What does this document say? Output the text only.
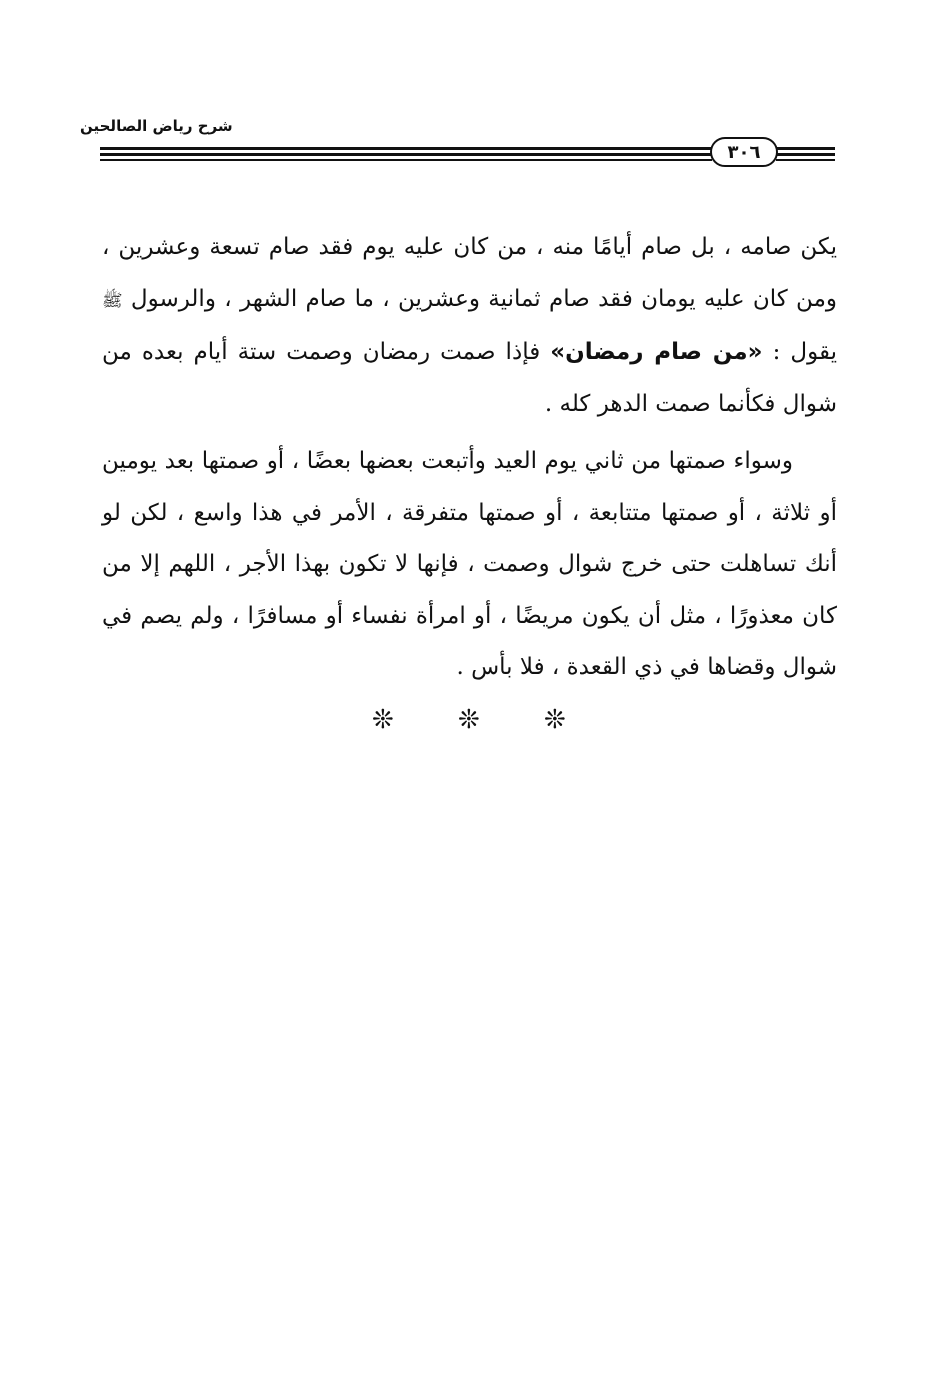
شرح رياض الصالحين
٣٠٦

يكن صامه ، بل صام أيامًا منه ، من كان عليه يوم فقد صام تسعة وعشرين ، ومن كان عليه يومان فقد صام ثمانية وعشرين ، ما صام الشهر ، والرسول ﷺ يقول : «من صام رمضان» فإذا صمت رمضان وصمت ستة أيام بعده من شوال فكأنما صمت الدهر كله .

وسواء صمتها من ثاني يوم العيد وأتبعت بعضها بعضًا ، أو صمتها بعد يومين أو ثلاثة ، أو صمتها متتابعة ، أو صمتها متفرقة ، الأمر في هذا واسع ، لكن لو أنك تساهلت حتى خرج شوال وصمت ، فإنها لا تكون بهذا الأجر ، اللهم إلا من كان معذورًا ، مثل أن يكون مريضًا ، أو امرأة نفساء أو مسافرًا ، ولم يصم في شوال وقضاها في ذي القعدة ، فلا بأس .

❊ ❊ ❊
